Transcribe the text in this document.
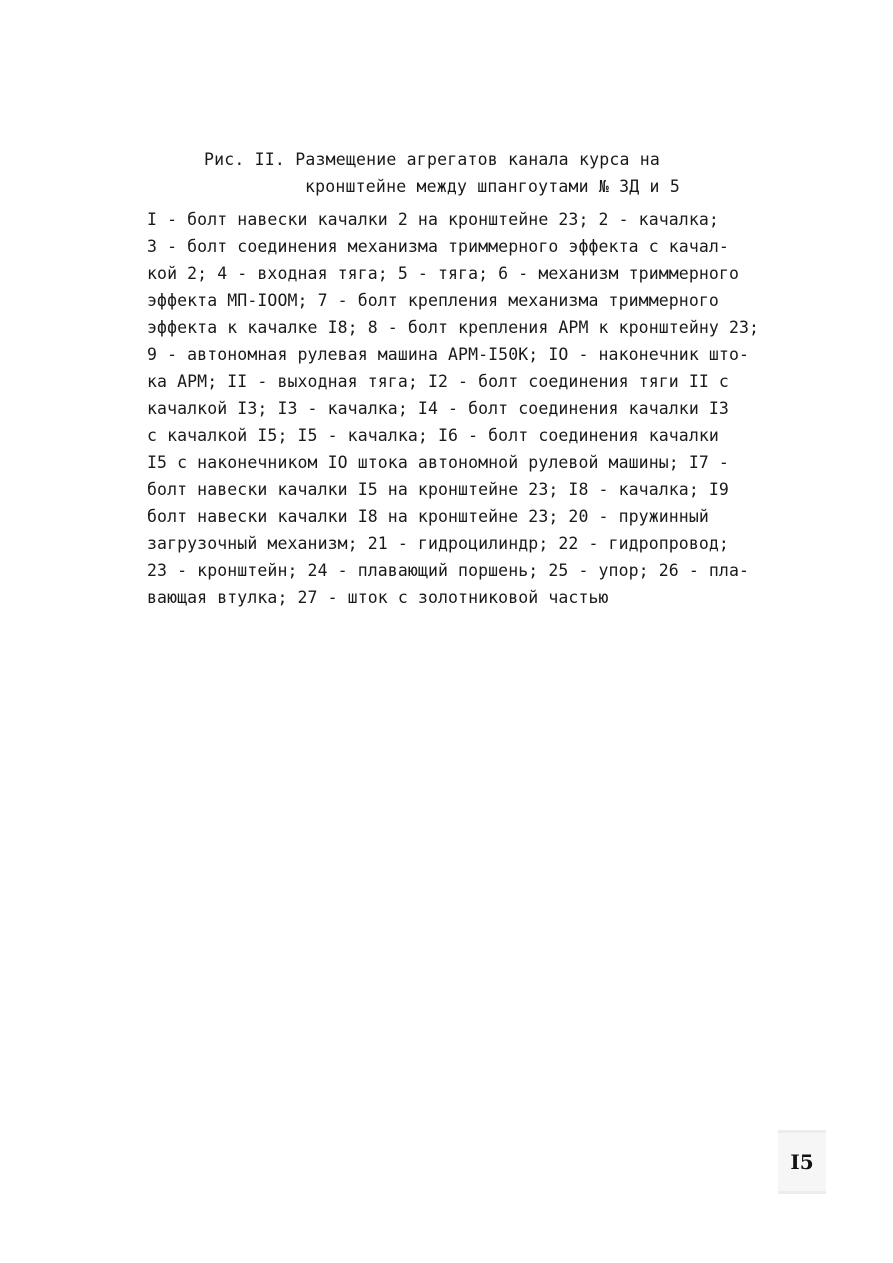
Рис. II. Размещение агрегатов канала курса на
кронштейне между шпангоутами № 3Д и 5
I - болт навески качалки 2 на кронштейне 23; 2 - качалка;
3 - болт соединения механизма триммерного эффекта с качал-
кой 2; 4 - входная тяга; 5 - тяга; 6 - механизм триммерного
эффекта МП-IOOM; 7 - болт крепления механизма триммерного
эффекта к качалке I8; 8 - болт крепления АРМ к кронштейну 23;
9 - автономная рулевая машина АРМ-I50К; IO - наконечник што-
ка АРМ; II - выходная тяга; I2 - болт соединения тяги II с
качалкой I3; I3 - качалка; I4 - болт соединения качалки I3
с качалкой I5; I5 - качалка; I6 - болт соединения качалки
I5 с наконечником IO штока автономной рулевой машины; I7 -
болт навески качалки I5 на кронштейне 23; I8 - качалка; I9
болт навески качалки I8 на кронштейне 23; 20 - пружинный
загрузочный механизм; 21 - гидроцилиндр; 22 - гидропровод;
23 - кронштейн; 24 - плавающий поршень; 25 - упор; 26 - пла-
вающая втулка; 27 - шток с золотниковой частью
I5
